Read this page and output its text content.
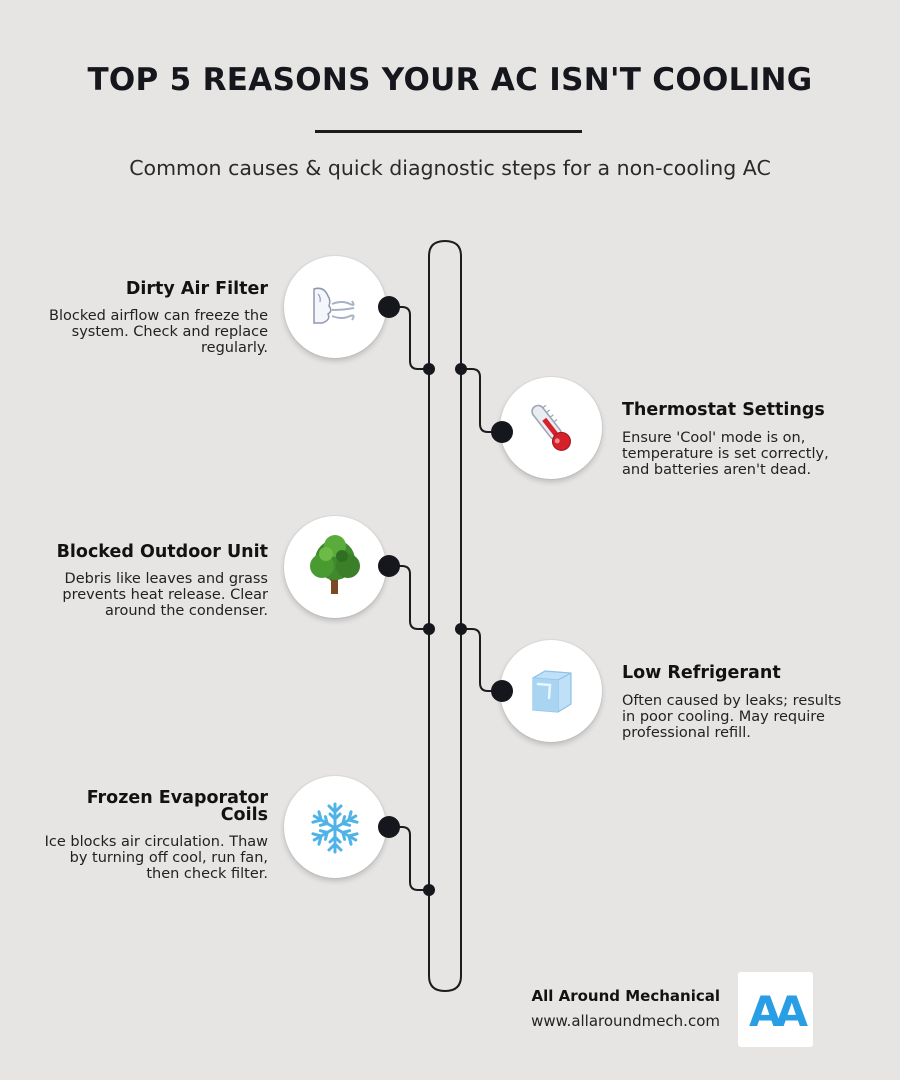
TOP 5 REASONS YOUR AC ISN'T COOLING
Common causes & quick diagnostic steps for a non-cooling AC
Dirty Air Filter
Blocked airflow can freeze the system. Check and replace regularly.
Thermostat Settings
Ensure 'Cool' mode is on, temperature is set correctly, and batteries aren't dead.
Blocked Outdoor Unit
Debris like leaves and grass prevents heat release. Clear around the condenser.
Low Refrigerant
Often caused by leaks; results in poor cooling. May require professional refill.
Frozen Evaporator Coils
Ice blocks air circulation. Thaw by turning off cool, run fan, then check filter.
All Around Mechanical
www.allaroundmech.com AA
